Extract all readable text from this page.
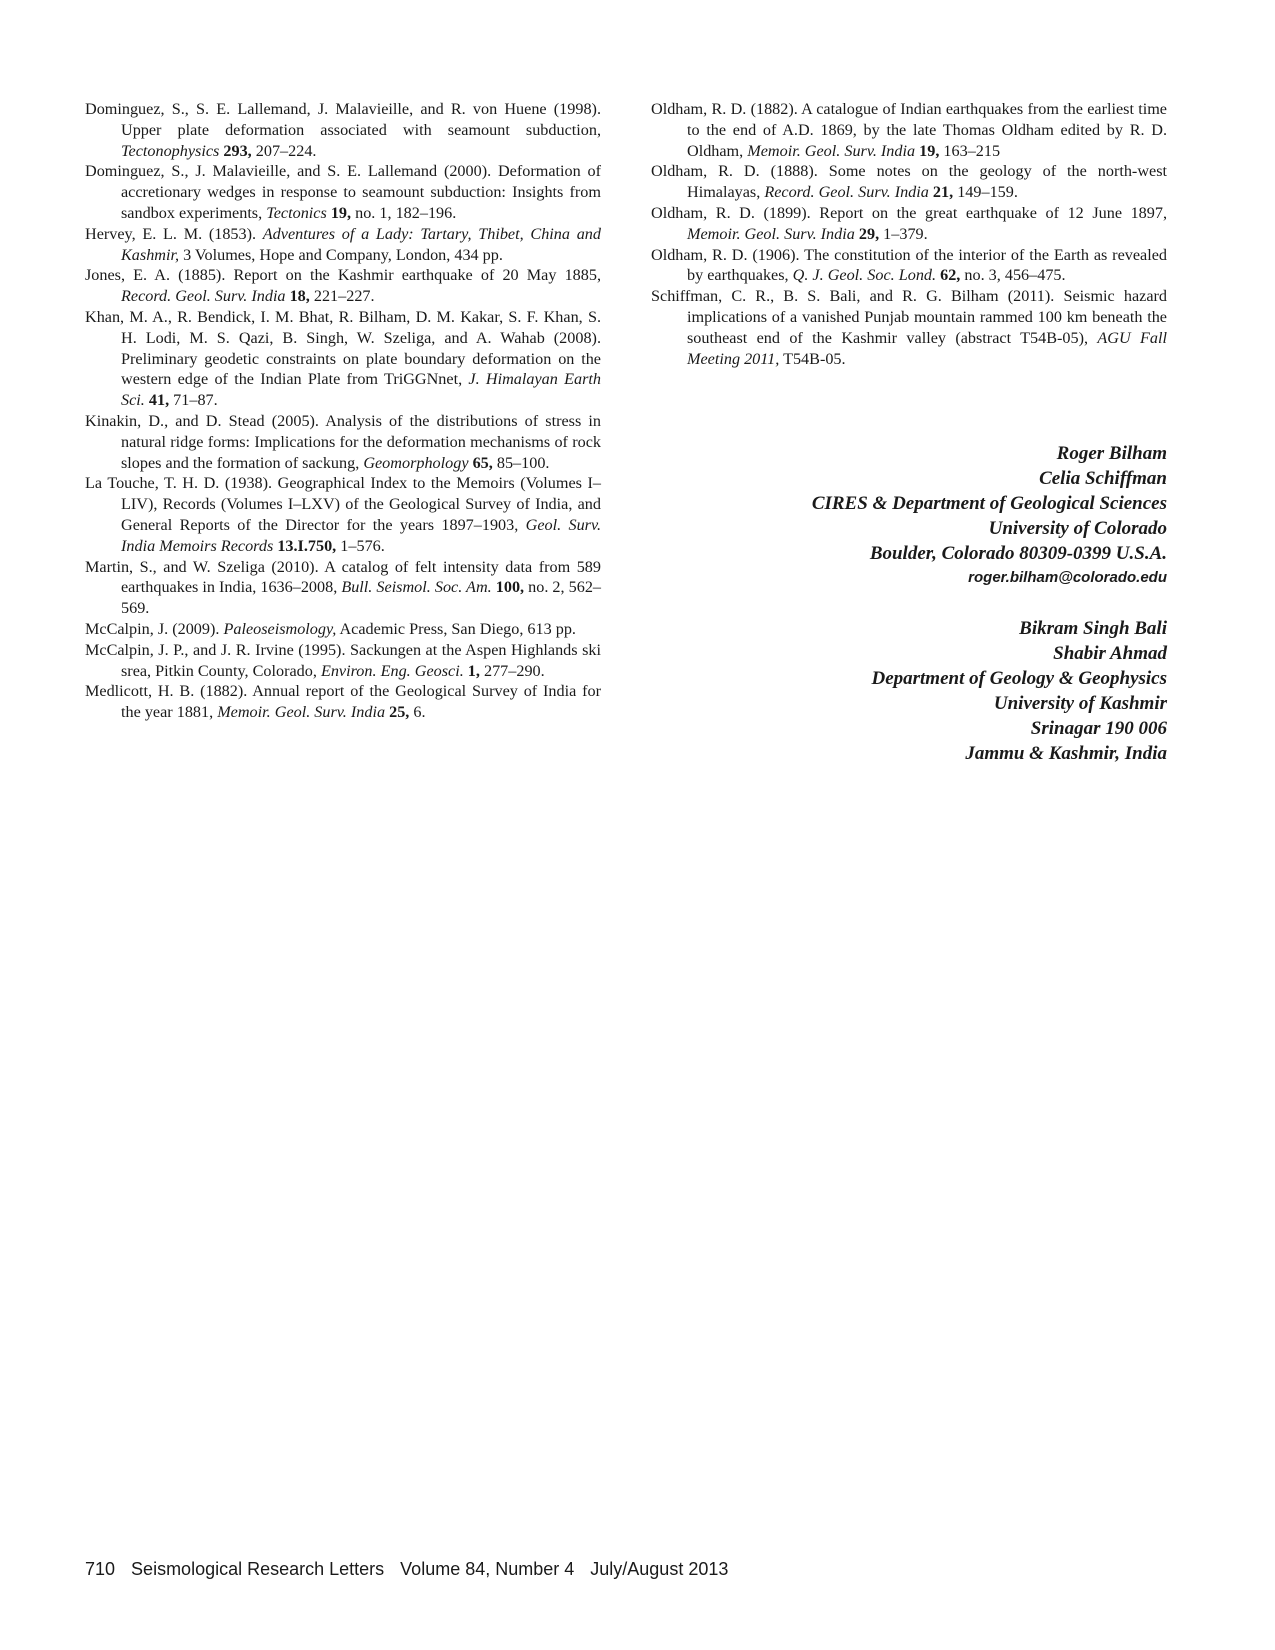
Dominguez, S., S. E. Lallemand, J. Malavieille, and R. von Huene (1998). Upper plate deformation associated with seamount subduction, Tectonophysics 293, 207–224.

Dominguez, S., J. Malavieille, and S. E. Lallemand (2000). Deformation of accretionary wedges in response to seamount subduction: Insights from sandbox experiments, Tectonics 19, no. 1, 182–196.

Hervey, E. L. M. (1853). Adventures of a Lady: Tartary, Thibet, China and Kashmir, 3 Volumes, Hope and Company, London, 434 pp.

Jones, E. A. (1885). Report on the Kashmir earthquake of 20 May 1885, Record. Geol. Surv. India 18, 221–227.

Khan, M. A., R. Bendick, I. M. Bhat, R. Bilham, D. M. Kakar, S. F. Khan, S. H. Lodi, M. S. Qazi, B. Singh, W. Szeliga, and A. Wahab (2008). Preliminary geodetic constraints on plate boundary deformation on the western edge of the Indian Plate from TriGGNnet, J. Himalayan Earth Sci. 41, 71–87.

Kinakin, D., and D. Stead (2005). Analysis of the distributions of stress in natural ridge forms: Implications for the deformation mechanisms of rock slopes and the formation of sackung, Geomorphology 65, 85–100.

La Touche, T. H. D. (1938). Geographical Index to the Memoirs (Volumes I–LIV), Records (Volumes I–LXV) of the Geological Survey of India, and General Reports of the Director for the years 1897–1903, Geol. Surv. India Memoirs Records 13.I.750, 1–576.

Martin, S., and W. Szeliga (2010). A catalog of felt intensity data from 589 earthquakes in India, 1636–2008, Bull. Seismol. Soc. Am. 100, no. 2, 562–569.

McCalpin, J. (2009). Paleoseismology, Academic Press, San Diego, 613 pp.

McCalpin, J. P., and J. R. Irvine (1995). Sackungen at the Aspen Highlands ski srea, Pitkin County, Colorado, Environ. Eng. Geosci. 1, 277–290.

Medlicott, H. B. (1882). Annual report of the Geological Survey of India for the year 1881, Memoir. Geol. Surv. India 25, 6.

Oldham, R. D. (1882). A catalogue of Indian earthquakes from the earliest time to the end of A.D. 1869, by the late Thomas Oldham edited by R. D. Oldham, Memoir. Geol. Surv. India 19, 163–215

Oldham, R. D. (1888). Some notes on the geology of the north-west Himalayas, Record. Geol. Surv. India 21, 149–159.

Oldham, R. D. (1899). Report on the great earthquake of 12 June 1897, Memoir. Geol. Surv. India 29, 1–379.

Oldham, R. D. (1906). The constitution of the interior of the Earth as revealed by earthquakes, Q. J. Geol. Soc. Lond. 62, no. 3, 456–475.

Schiffman, C. R., B. S. Bali, and R. G. Bilham (2011). Seismic hazard implications of a vanished Punjab mountain rammed 100 km beneath the southeast end of the Kashmir valley (abstract T54B-05), AGU Fall Meeting 2011, T54B-05.

Roger Bilham
Celia Schiffman
CIRES & Department of Geological Sciences
University of Colorado
Boulder, Colorado 80309-0399 U.S.A.
roger.bilham@colorado.edu
Bikram Singh Bali
Shabir Ahmad
Department of Geology & Geophysics
University of Kashmir
Srinagar 190 006
Jammu & Kashmir, India
710 Seismological Research Letters Volume 84, Number 4 July/August 2013
